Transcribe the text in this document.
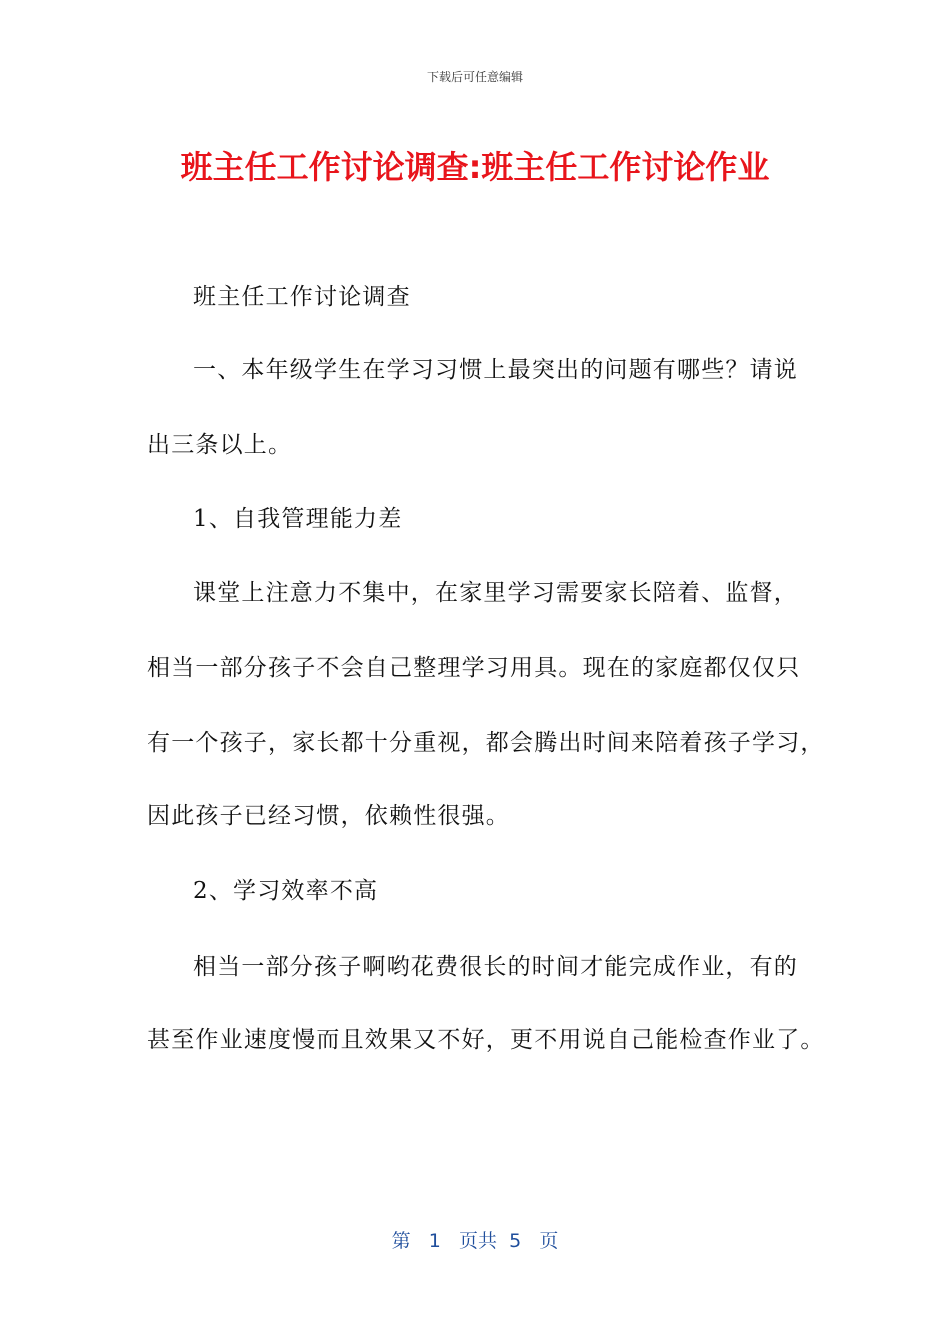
下载后可任意编辑
班主任工作讨论调查:班主任工作讨论作业
班主任工作讨论调查
一、本年级学生在学习习惯上最突出的问题有哪些？请说
出三条以上。
1、自我管理能力差
课堂上注意力不集中，在家里学习需要家长陪着、监督，
相当一部分孩子不会自己整理学习用具。现在的家庭都仅仅只
有一个孩子，家长都十分重视，都会腾出时间来陪着孩子学习，
因此孩子已经习惯，依赖性很强。
2、学习效率不高
相当一部分孩子啊哟花费很长的时间才能完成作业，有的
甚至作业速度慢而且效果又不好，更不用说自己能检查作业了。
第 1 页共 5 页
